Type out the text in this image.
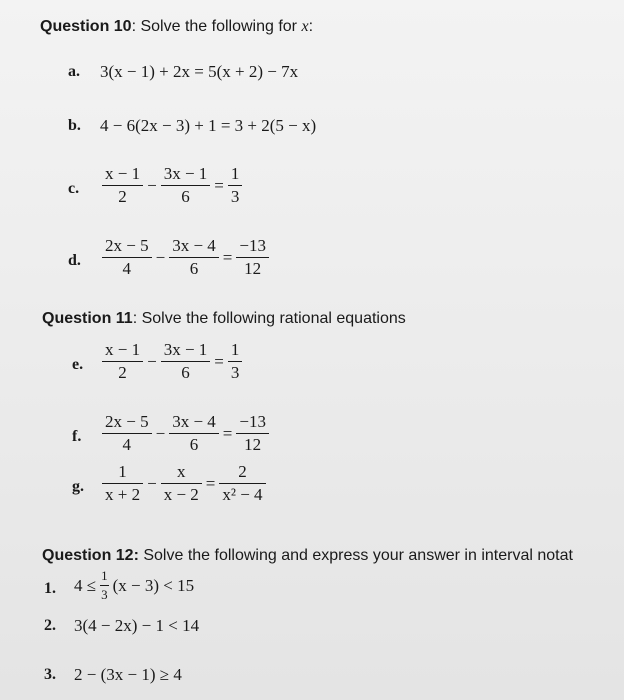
Question 10: Solve the following for x:
a. 3(x − 1) + 2x = 5(x + 2) − 7x
b. 4 − 6(2x − 3) + 1 = 3 + 2(5 − x)
c. $\frac{x - 1}{2} - \frac{3x - 1}{6} = \frac{1}{3}$
d. $\frac{2x - 5}{4} - \frac{3x - 4}{6} = \frac{-13}{12}$
Question 11: Solve the following rational equations
e. $\frac{x - 1}{2} - \frac{3x - 1}{6} = \frac{1}{3}$
f. $\frac{2x - 5}{4} - \frac{3x - 4}{6} = \frac{-13}{12}$
g. $\frac{1}{x + 2} - \frac{x}{x - 2} = \frac{2}{\text{x² − 4}}$
Question 12: Solve the following and express your answer in interval notat
1. $4 \le \frac{1}{3} (x - 3) < 15$
2. 3(4 − 2x) − 1 < 14
3. 2 − (3x − 1) ≥ 4
